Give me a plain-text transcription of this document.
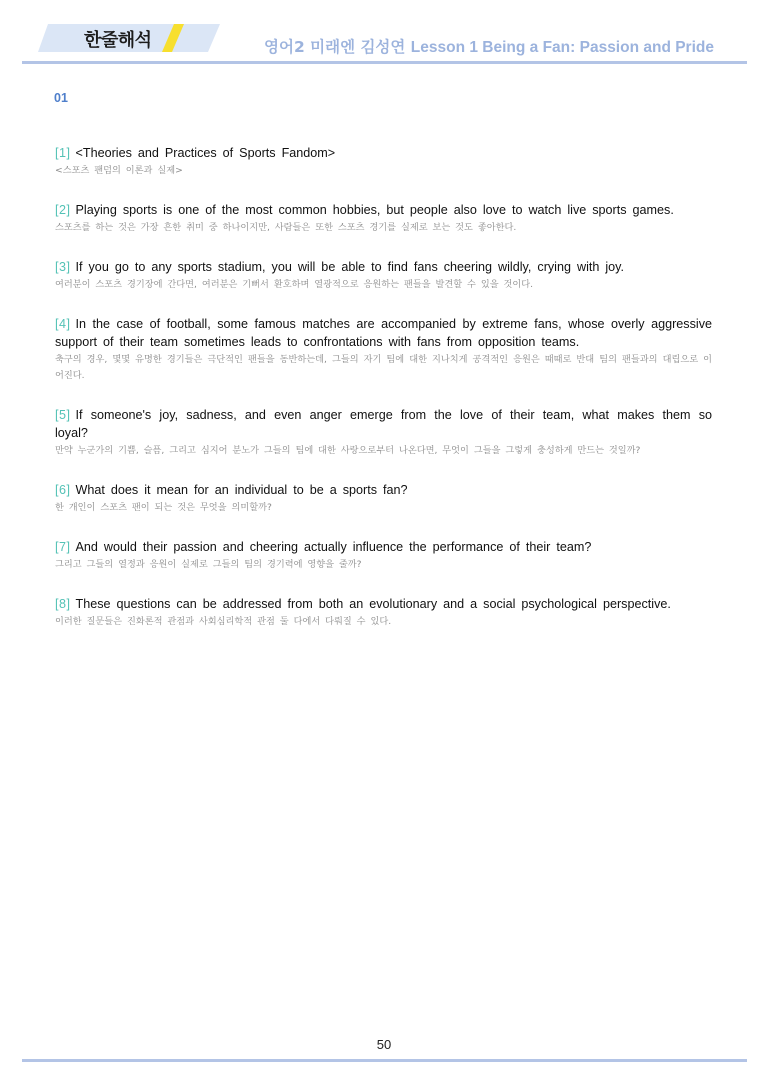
한줄해석	영어2 미래엔 김성연 Lesson 1 Being a Fan: Passion and Pride
01
[1] <Theories and Practices of Sports Fandom>
<스포츠 팬덤의 이론과 실제>
[2] Playing sports is one of the most common hobbies, but people also love to watch live sports games.
스포츠를 하는 것은 가장 흔한 취미 중 하나이지만, 사람들은 또한 스포츠 경기를 실제로 보는 것도 좋아한다.
[3] If you go to any sports stadium, you will be able to find fans cheering wildly, crying with joy.
여러분이 스포츠 경기장에 간다면, 여러분은 기뻐서 환호하며 열광적으로 응원하는 팬들을 발견할 수 있을 것이다.
[4] In the case of football, some famous matches are accompanied by extreme fans, whose overly aggressive support of their team sometimes leads to confrontations with fans from opposition teams.
축구의 경우, 몇몇 유명한 경기들은 극단적인 팬들을 동반하는데, 그들의 자기 팀에 대한 지나치게 공격적인 응원은 때때로 반대 팀의 팬들과의 대립으로 이어진다.
[5] If someone's joy, sadness, and even anger emerge from the love of their team, what makes them so loyal?
만약 누군가의 기쁨, 슬픔, 그리고 심지어 분노가 그들의 팀에 대한 사랑으로부터 나온다면, 무엇이 그들을 그렇게 충성하게 만드는 것일까?
[6] What does it mean for an individual to be a sports fan?
한 개인이 스포츠 팬이 되는 것은 무엇을 의미할까?
[7] And would their passion and cheering actually influence the performance of their team?
그리고 그들의 열정과 응원이 실제로 그들의 팀의 경기력에 영향을 줄까?
[8] These questions can be addressed from both an evolutionary and a social psychological perspective.
이러한 질문들은 진화론적 관점과 사회심리학적 관점 둘 다에서 다뤄질 수 있다.
50
